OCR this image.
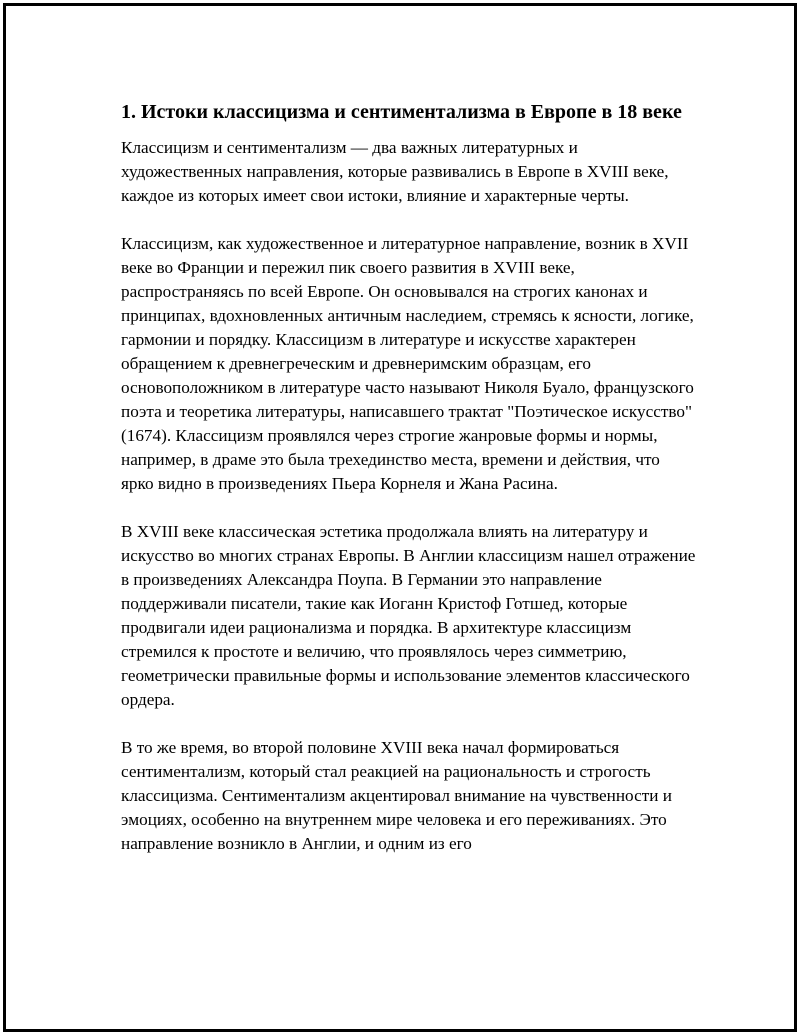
1. Истоки классицизма и сентиментализма в Европе в 18 веке

Классицизм и сентиментализм — два важных литературных и художественных направления, которые развивались в Европе в XVIII веке, каждое из которых имеет свои истоки, влияние и характерные черты.

Классицизм, как художественное и литературное направление, возник в XVII веке во Франции и пережил пик своего развития в XVIII веке, распространяясь по всей Европе. Он основывался на строгих канонах и принципах, вдохновленных античным наследием, стремясь к ясности, логике, гармонии и порядку. Классицизм в литературе и искусстве характерен обращением к древнегреческим и древнеримским образцам, его основоположником в литературе часто называют Николя Буало, французского поэта и теоретика литературы, написавшего трактат "Поэтическое искусство" (1674). Классицизм проявлялся через строгие жанровые формы и нормы, например, в драме это была трехединство места, времени и действия, что ярко видно в произведениях Пьера Корнеля и Жана Расина.

В XVIII веке классическая эстетика продолжала влиять на литературу и искусство во многих странах Европы. В Англии классицизм нашел отражение в произведениях Александра Поупа. В Германии это направление поддерживали писатели, такие как Иоганн Кристоф Готшед, которые продвигали идеи рационализма и порядка. В архитектуре классицизм стремился к простоте и величию, что проявлялось через симметрию, геометрически правильные формы и использование элементов классического ордера.

В то же время, во второй половине XVIII века начал формироваться сентиментализм, который стал реакцией на рациональность и строгость классицизма. Сентиментализм акцентировал внимание на чувственности и эмоциях, особенно на внутреннем мире человека и его переживаниях. Это направление возникло в Англии, и одним из его
